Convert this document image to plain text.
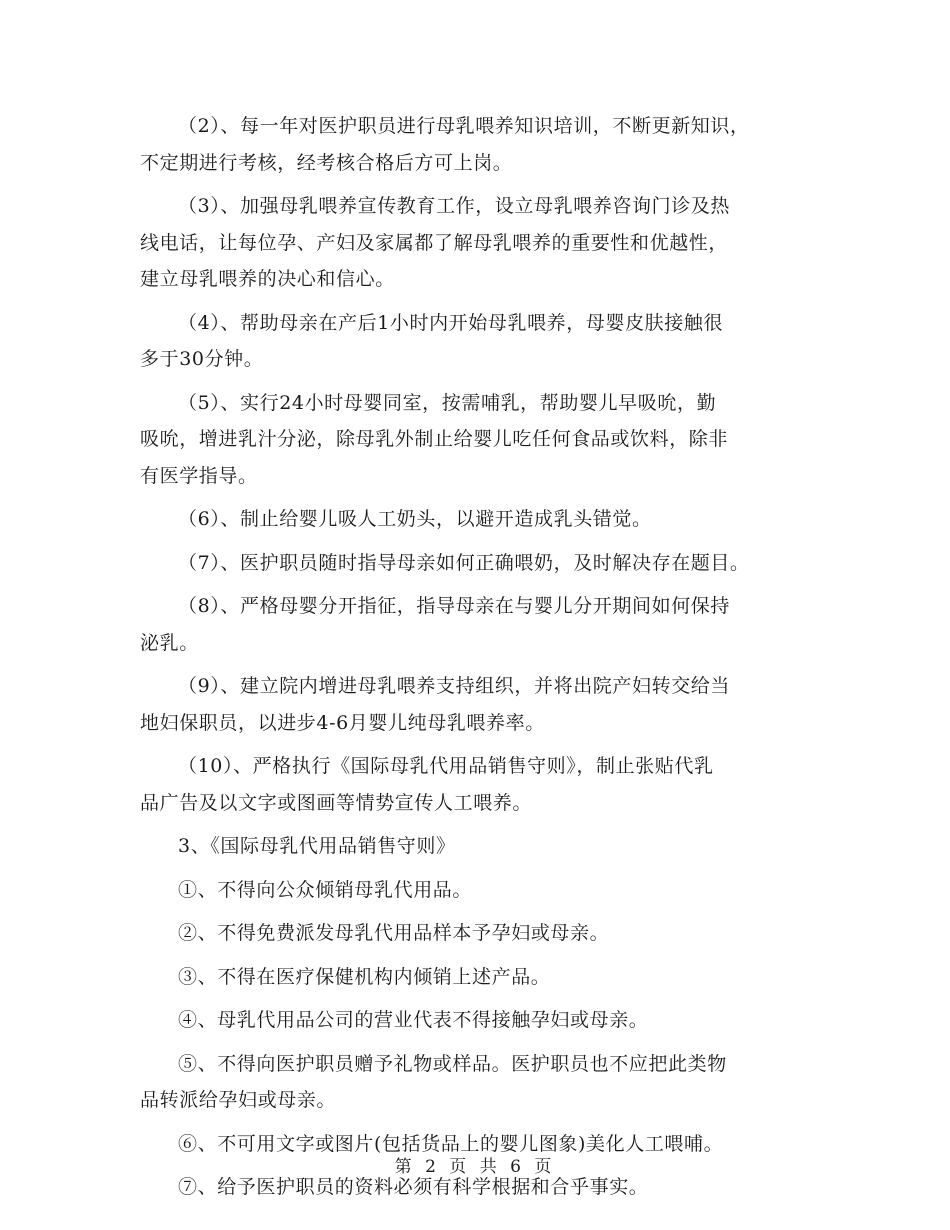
（2）、每一年对医护职员进行母乳喂养知识培训，不断更新知识，
不定期进行考核，经考核合格后方可上岗。

（3）、加强母乳喂养宣传教育工作，设立母乳喂养咨询门诊及热
线电话，让每位孕、产妇及家属都了解母乳喂养的重要性和优越性，
建立母乳喂养的决心和信心。

（4）、帮助母亲在产后1小时内开始母乳喂养，母婴皮肤接触很
多于30分钟。

（5）、实行24小时母婴同室，按需哺乳，帮助婴儿早吸吮，勤
吸吮，增进乳汁分泌，除母乳外制止给婴儿吃任何食品或饮料，除非
有医学指导。

（6）、制止给婴儿吸人工奶头，以避开造成乳头错觉。

（7）、医护职员随时指导母亲如何正确喂奶，及时解决存在题目。

（8）、严格母婴分开指征，指导母亲在与婴儿分开期间如何保持
泌乳。

（9）、建立院内增进母乳喂养支持组织，并将出院产妇转交给当
地妇保职员，以进步4-6月婴儿纯母乳喂养率。

（10）、严格执行《国际母乳代用品销售守则》，制止张贴代乳
品广告及以文字或图画等情势宣传人工喂养。

3、《国际母乳代用品销售守则》

①、不得向公众倾销母乳代用品。

②、不得免费派发母乳代用品样本予孕妇或母亲。

③、不得在医疗保健机构内倾销上述产品。

④、母乳代用品公司的营业代表不得接触孕妇或母亲。

⑤、不得向医护职员赠予礼物或样品。医护职员也不应把此类物
品转派给孕妇或母亲。

⑥、不可用文字或图片(包括货品上的婴儿图象)美化人工喂哺。

⑦、给予医护职员的资料必须有科学根据和合乎事实。

第 2 页 共 6 页
